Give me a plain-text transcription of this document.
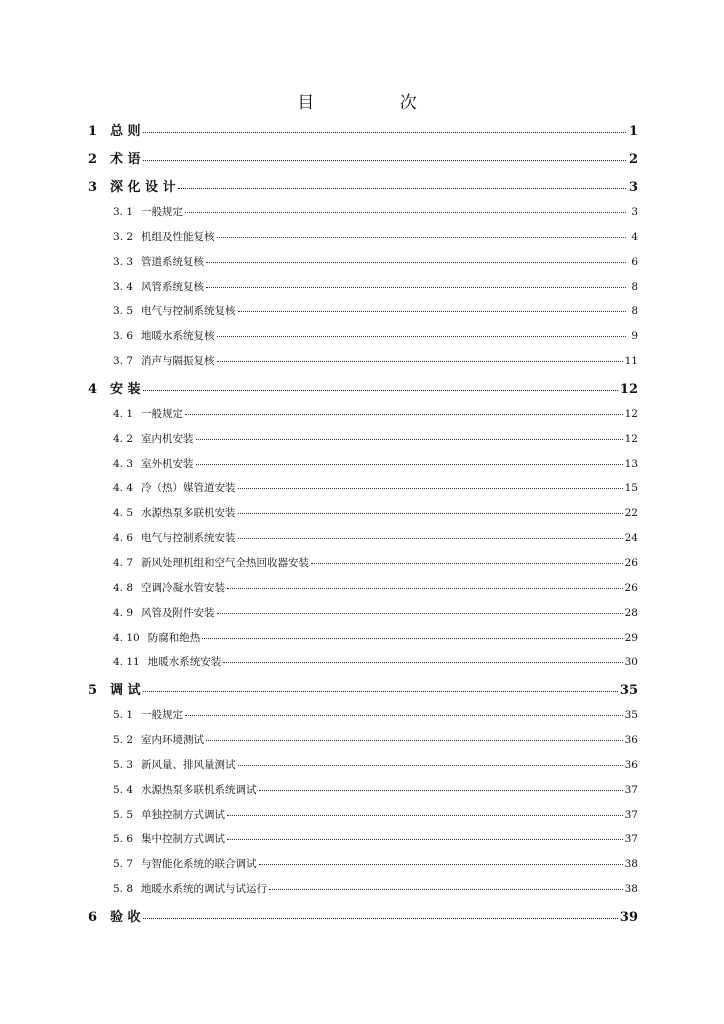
目 次
1 总 则	1
2 术 语	2
3 深 化 设 计	3
3. 1 一般规定	3
3. 2 机组及性能复核	4
3. 3 管道系统复核	6
3. 4 风管系统复核	8
3. 5 电气与控制系统复核	8
3. 6 地暖水系统复核	9
3. 7 消声与隔振复核	11
4 安 装	12
4. 1 一般规定	12
4. 2 室内机安装	12
4. 3 室外机安装	13
4. 4 冷（热）媒管道安装	15
4. 5 水源热泵多联机安装	22
4. 6 电气与控制系统安装	24
4. 7 新风处理机组和空气全热回收器安装	26
4. 8 空调冷凝水管安装	26
4. 9 风管及附件安装	28
4. 10 防腐和绝热	29
4. 11 地暖水系统安装	30
5 调 试	35
5. 1 一般规定	35
5. 2 室内环境测试	36
5. 3 新风量、排风量测试	36
5. 4 水源热泵多联机系统调试	37
5. 5 单独控制方式调试	37
5. 6 集中控制方式调试	37
5. 7 与智能化系统的联合调试	38
5. 8 地暖水系统的调试与试运行	38
6 验 收	39
